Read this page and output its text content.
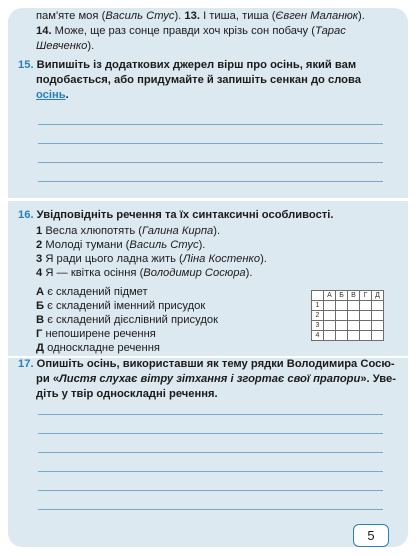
пам'яте моя (Василь Стус). 13. І тиша, тиша (Євген Маланюк).
14. Може, ще раз сонце правди хоч крізь сон побачу (Тарас
Шевченко).
15. Випишіть із додаткових джерел вірш про осінь, який вам
подобається, або придумайте й запишіть сенкан до слова
осінь.
16. Увідповідніть речення та їх синтаксичні особливості.
1 Весла хлюпотять (Галина Кирпа).
2 Молоді тумани (Василь Стус).
3 Я ради цього ладна жить (Ліна Костенко).
4 Я — квітка осіння (Володимир Сосюра).
А є складений підмет
Б є складений іменний присудок
В є складений дієслівний присудок
Г непоширене речення
Д односкладне речення
	А	Б	В	Г	Д
1					
2					
3					
4					
17. Опишіть осінь, використавши як тему рядки Володимира Сосю-
ри «Листя слухає вітру зітхання і згортає свої прапори». Уве-
діть у твір односкладні речення.
5
